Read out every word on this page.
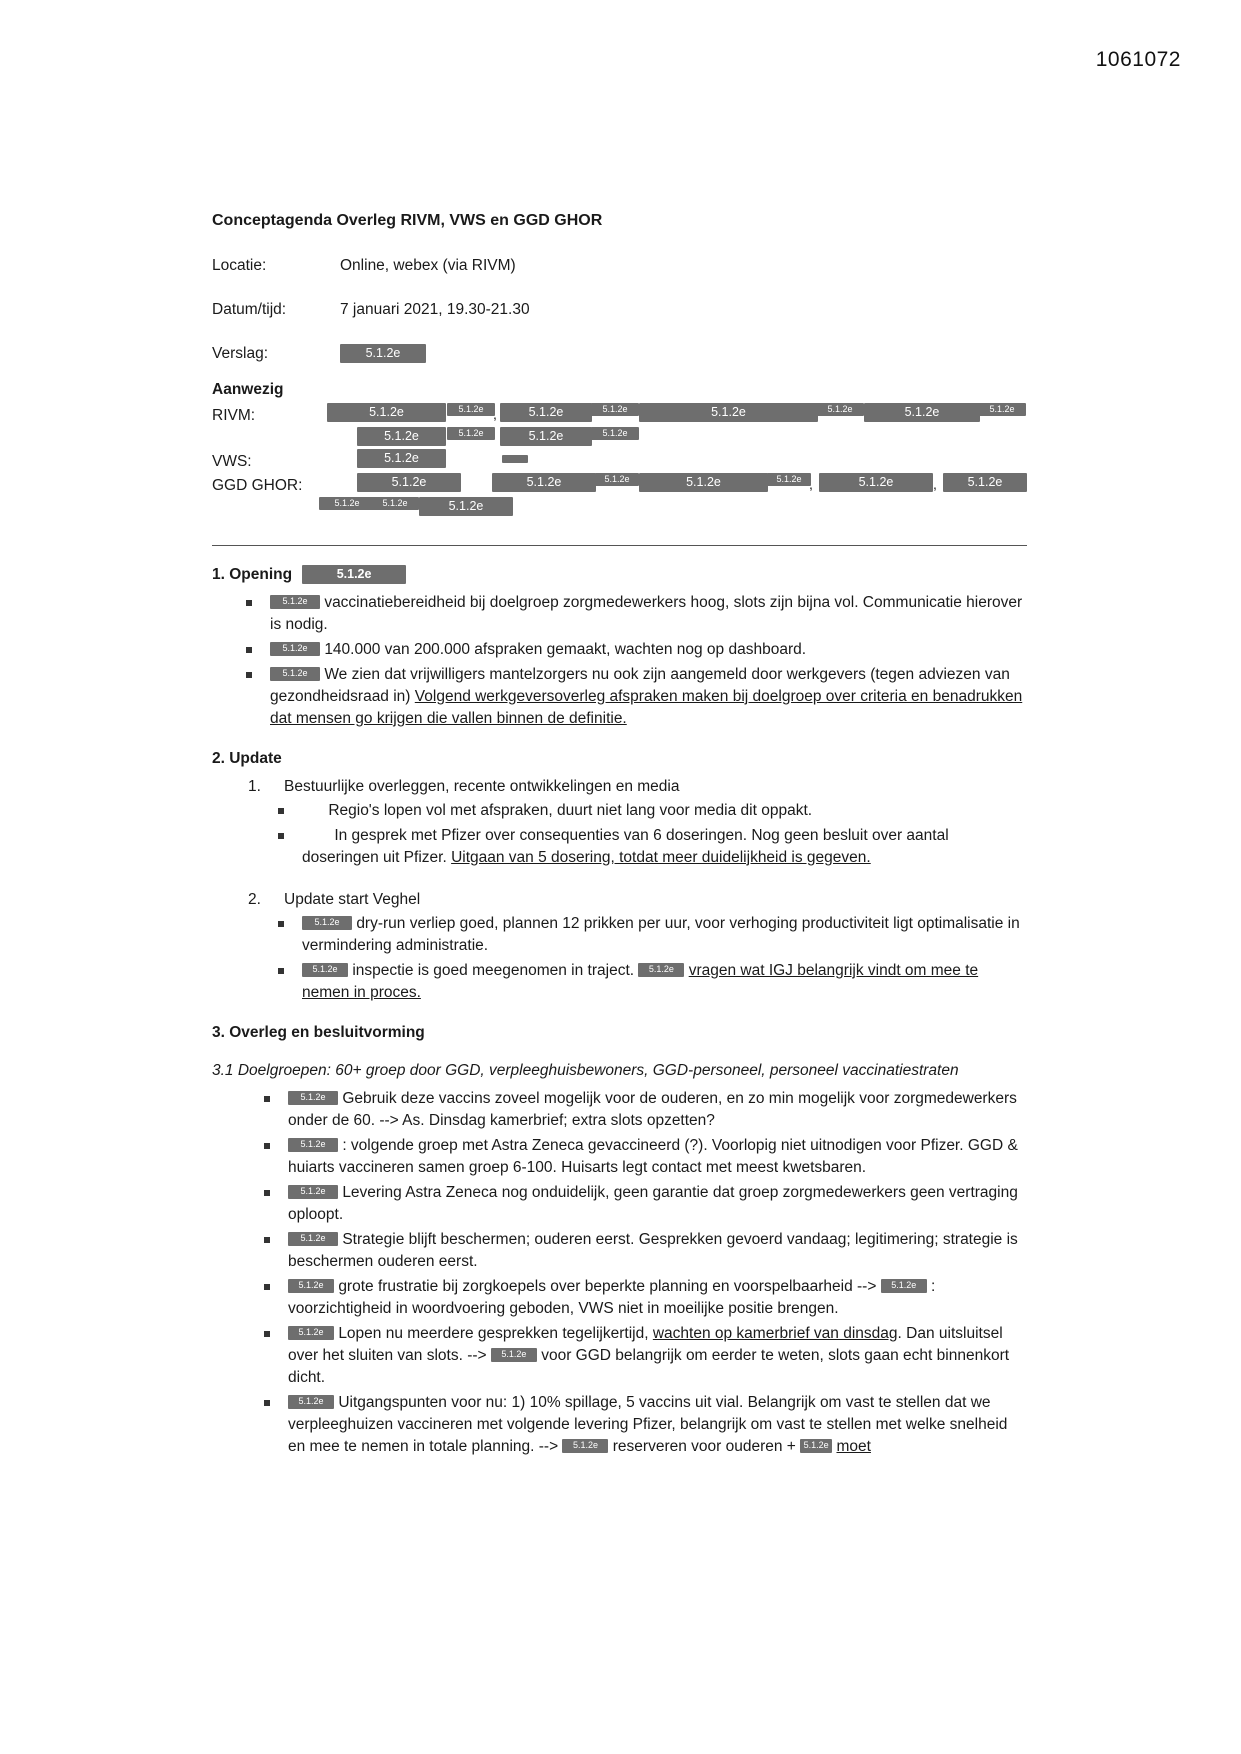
1061072
Conceptagenda Overleg RIVM, VWS en GGD GHOR
Locatie:	Online, webex (via RIVM)
Datum/tijd:	7 januari 2021, 19.30-21.30
Verslag:	5.1.2e
Aanwezig
RIVM:	5.1.2e	5.1.2e ,	5.1.2e	5.1.2e	5.1.2e	5.1.2e	5.1.2e	5.1.2e
5.1.2e	5.1.2e	5.1.2e	5.1.2e
VWS:	5.1.2e
GGD GHOR:	5.1.2e	5.1.2e	5.1.2e	5.1.2e	5.1.2e ,	5.1.2e	,	5.1.2e
5.1.2e	5.1.2e	5.1.2e
1. Opening	5.1.2e
5.1.2e vaccinatiebereidheid bij doelgroep zorgmedewerkers hoog, slots zijn bijna vol. Communicatie hierover is nodig.
5.1.2e 140.000 van 200.000 afspraken gemaakt, wachten nog op dashboard.
5.1.2e We zien dat vrijwilligers mantelzorgers nu ook zijn aangemeld door werkgevers (tegen adviezen van gezondheidsraad in) Volgend werkgeversoverleg afspraken maken bij doelgroep over criteria en benadrukken dat mensen go krijgen die vallen binnen de definitie.
2. Update
1. Bestuurlijke overleggen, recente ontwikkelingen en media
Regio's lopen vol met afspraken, duurt niet lang voor media dit oppakt.
In gesprek met Pfizer over consequenties van 6 doseringen. Nog geen besluit over aantal doseringen uit Pfizer. Uitgaan van 5 dosering, totdat meer duidelijkheid is gegeven.
2. Update start Veghel
5.1.2e dry-run verliep goed, plannen 12 prikken per uur, voor verhoging productiviteit ligt optimalisatie in vermindering administratie.
5.1.2e inspectie is goed meegenomen in traject. 5.1.2e vragen wat IGJ belangrijk vindt om mee te nemen in proces.
3. Overleg en besluitvorming
3.1 Doelgroepen: 60+ groep door GGD, verpleeghuisbewoners, GGD-personeel, personeel vaccinatiestraten
5.1.2e Gebruik deze vaccins zoveel mogelijk voor de ouderen, en zo min mogelijk voor zorgmedewerkers onder de 60. --> As. Dinsdag kamerbrief; extra slots opzetten?
5.1.2e : volgende groep met Astra Zeneca gevaccineerd (?). Voorlopig niet uitnodigen voor Pfizer. GGD & huiarts vaccineren samen groep 6-100. Huisarts legt contact met meest kwetsbaren.
5.1.2e Levering Astra Zeneca nog onduidelijk, geen garantie dat groep zorgmedewerkers geen vertraging oploopt.
5.1.2e Strategie blijft beschermen; ouderen eerst. Gesprekken gevoerd vandaag; legitimering; strategie is beschermen ouderen eerst.
5.1.2e grote frustratie bij zorgkoepels over beperkte planning en voorspelbaarheid --> 5.1.2e : voorzichtigheid in woordvoering geboden, VWS niet in moeilijke positie brengen.
5.1.2e Lopen nu meerdere gesprekken tegelijkertijd, wachten op kamerbrief van dinsdag. Dan uitsluitsel over het sluiten van slots. --> 5.1.2e voor GGD belangrijk om eerder te weten, slots gaan echt binnenkort dicht.
5.1.2e Uitgangspunten voor nu: 1) 10% spillage, 5 vaccins uit vial. Belangrijk om vast te stellen dat we verpleeghuizen vaccineren met volgende levering Pfizer, belangrijk om vast te stellen met welke snelheid en mee te nemen in totale planning. --> 5.1.2e reserveren voor ouderen + 5.1.2e moet
